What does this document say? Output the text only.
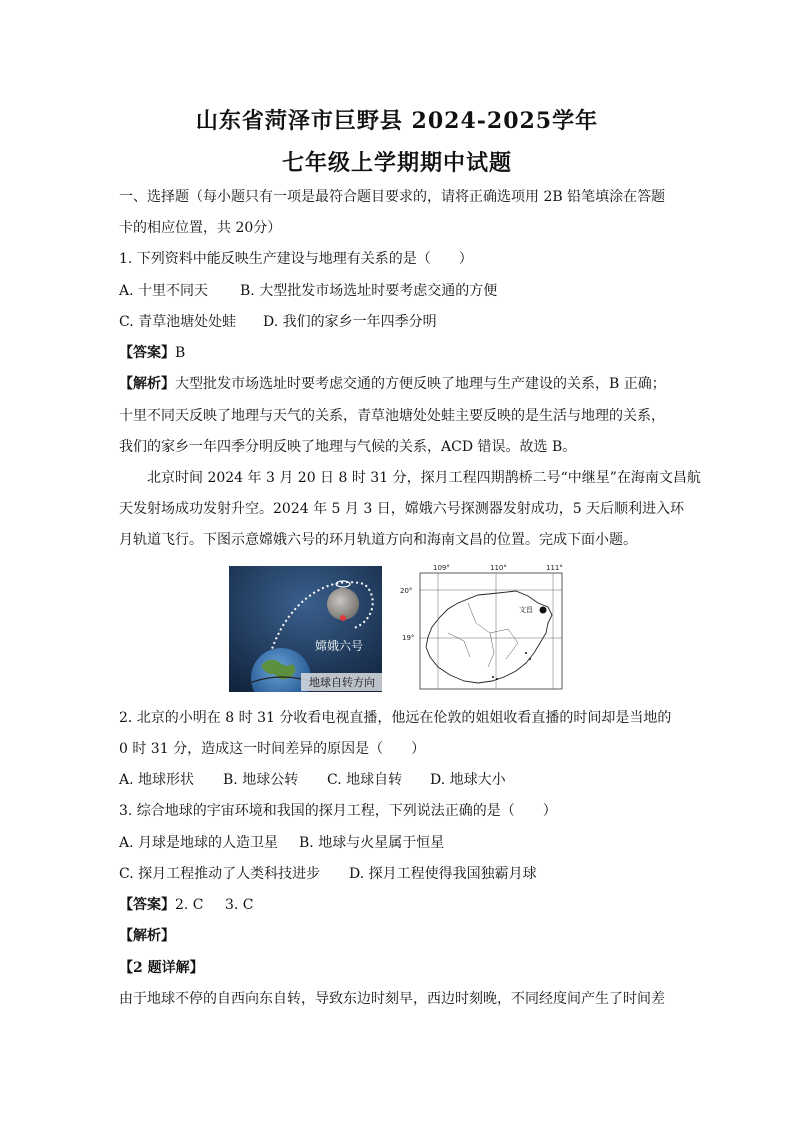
山东省菏泽市巨野县 2024-2025学年
七年级上学期期中试题
一、选择题（每小题只有一项是最符合题目要求的，请将正确选项用 2B 铅笔填涂在答题
卡的相应位置，共 20分）
1. 下列资料中能反映生产建设与地理有关系的是（　　）
A. 十里不同天 B. 大型批发市场选址时要考虑交通的方便
C. 青草池塘处处蛙 D. 我们的家乡一年四季分明
【答案】B
【解析】大型批发市场选址时要考虑交通的方便反映了地理与生产建设的关系，B 正确；
十里不同天反映了地理与天气的关系，青草池塘处处蛙主要反映的是生活与地理的关系，
我们的家乡一年四季分明反映了地理与气候的关系，ACD 错误。故选 B。
北京时间 2024 年 3 月 20 日 8 时 31 分，探月工程四期鹊桥二号“中继星”在海南文昌航
天发射场成功发射升空。2024 年 5 月 3 日，嫦娥六号探测器发射成功，5 天后顺利进入环
月轨道飞行。下图示意嫦娥六号的环月轨道方向和海南文昌的位置。完成下面小题。
嫦娥六号
地球自转方向
109°	110°	111°
20°
19°
文昌
2. 北京的小明在 8 时 31 分收看电视直播，他远在伦敦的姐姐收看直播的时间却是当地的
0 时 31 分，造成这一时间差异的原因是（　　）
A. 地球形状 B. 地球公转 C. 地球自转 D. 地球大小
3. 综合地球的宇宙环境和我国的探月工程，下列说法正确的是（　　）
A. 月球是地球的人造卫星 B. 地球与火星属于恒星
C. 探月工程推动了人类科技进步 D. 探月工程使得我国独霸月球
【答案】2. C 3. C
【解析】
【2 题详解】
由于地球不停的自西向东自转，导致东边时刻早，西边时刻晚，不同经度间产生了时间差
